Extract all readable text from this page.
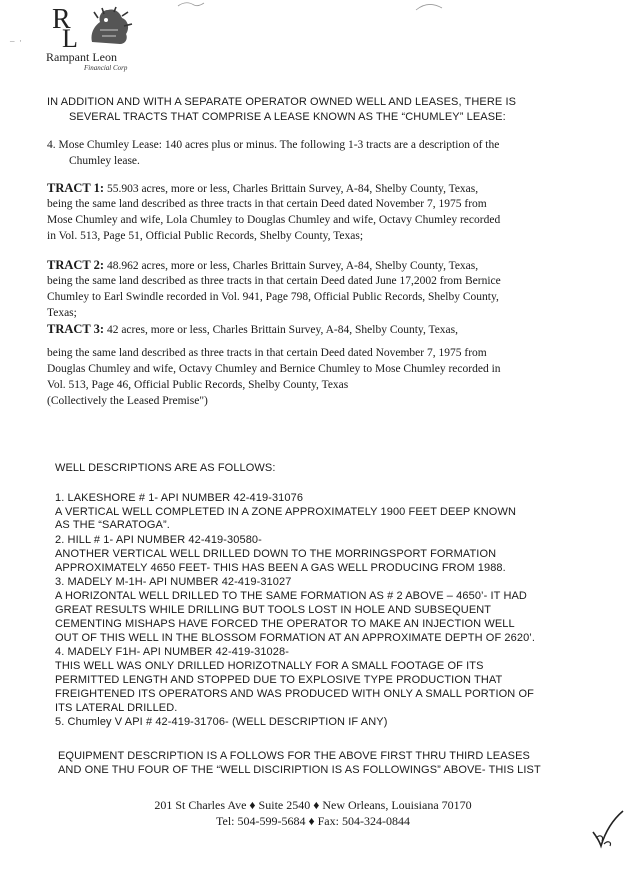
–  ·
R
L
Rampant Leon
Financial Corp
IN ADDITION AND WITH A SEPARATE OPERATOR OWNED WELL AND LEASES, THERE IS
SEVERAL TRACTS THAT COMPRISE A LEASE KNOWN AS THE “CHUMLEY” LEASE:
4. Mose Chumley Lease: 140 acres plus or minus. The following 1-3 tracts are a description of the
Chumley lease.
TRACT 1: 55.903 acres, more or less, Charles Brittain Survey, A-84, Shelby County, Texas,
being the same land described as three tracts in that certain Deed dated November 7, 1975 from
Mose Chumley and wife, Lola Chumley to Douglas Chumley and wife, Octavy Chumley recorded
in Vol. 513, Page 51, Official Public Records, Shelby County, Texas;
TRACT 2: 48.962 acres, more or less, Charles Brittain Survey, A-84, Shelby County, Texas,
being the same land described as three tracts in that certain Deed dated June 17,2002 from Bernice
Chumley to Earl Swindle recorded in Vol. 941, Page 798, Official Public Records, Shelby County,
Texas;
TRACT 3: 42 acres, more or less, Charles Brittain Survey, A-84, Shelby County, Texas,
being the same land described as three tracts in that certain Deed dated November 7, 1975 from
Douglas Chumley and wife, Octavy Chumley and Bernice Chumley to Mose Chumley recorded in
Vol. 513, Page 46, Official Public Records, Shelby County, Texas
(Collectively the Leased Premise")
WELL DESCRIPTIONS ARE AS FOLLOWS:
1. LAKESHORE # 1- API NUMBER 42-419-31076
A VERTICAL WELL COMPLETED IN A ZONE APPROXIMATELY 1900 FEET DEEP KNOWN
AS THE “SARATOGA”.
2. HILL # 1- API NUMBER 42-419-30580-
ANOTHER VERTICAL WELL DRILLED DOWN TO THE MORRINGSPORT FORMATION
APPROXIMATELY 4650 FEET- THIS HAS BEEN A GAS WELL PRODUCING FROM 1988.
3. MADELY M-1H- API NUMBER 42-419-31027
A HORIZONTAL WELL DRILLED TO THE SAME FORMATION AS # 2 ABOVE – 4650’- IT HAD
GREAT RESULTS WHILE DRILLING BUT TOOLS LOST IN HOLE AND SUBSEQUENT
CEMENTING MISHAPS HAVE FORCED THE OPERATOR TO MAKE AN INJECTION WELL
OUT OF THIS WELL IN THE BLOSSOM FORMATION AT AN APPROXIMATE DEPTH OF 2620’.
4. MADELY F1H- API NUMBER 42-419-31028-
THIS WELL WAS ONLY DRILLED HORIZOTNALLY FOR A SMALL FOOTAGE OF ITS
PERMITTED LENGTH AND STOPPED DUE TO EXPLOSIVE TYPE PRODUCTION THAT
FREIGHTENED ITS OPERATORS AND WAS PRODUCED WITH ONLY A SMALL PORTION OF
ITS LATERAL DRILLED.
5. Chumley V API # 42-419-31706- (WELL DESCRIPTION IF ANY)
EQUIPMENT DESCRIPTION IS A FOLLOWS FOR THE ABOVE FIRST THRU THIRD LEASES
AND ONE THU FOUR OF THE “WELL DISCIRIPTION IS AS FOLLOWINGS” ABOVE- THIS LIST
201 St Charles Ave ♦ Suite 2540 ♦ New Orleans, Louisiana 70170
Tel: 504-599-5684 ♦ Fax: 504-324-0844
